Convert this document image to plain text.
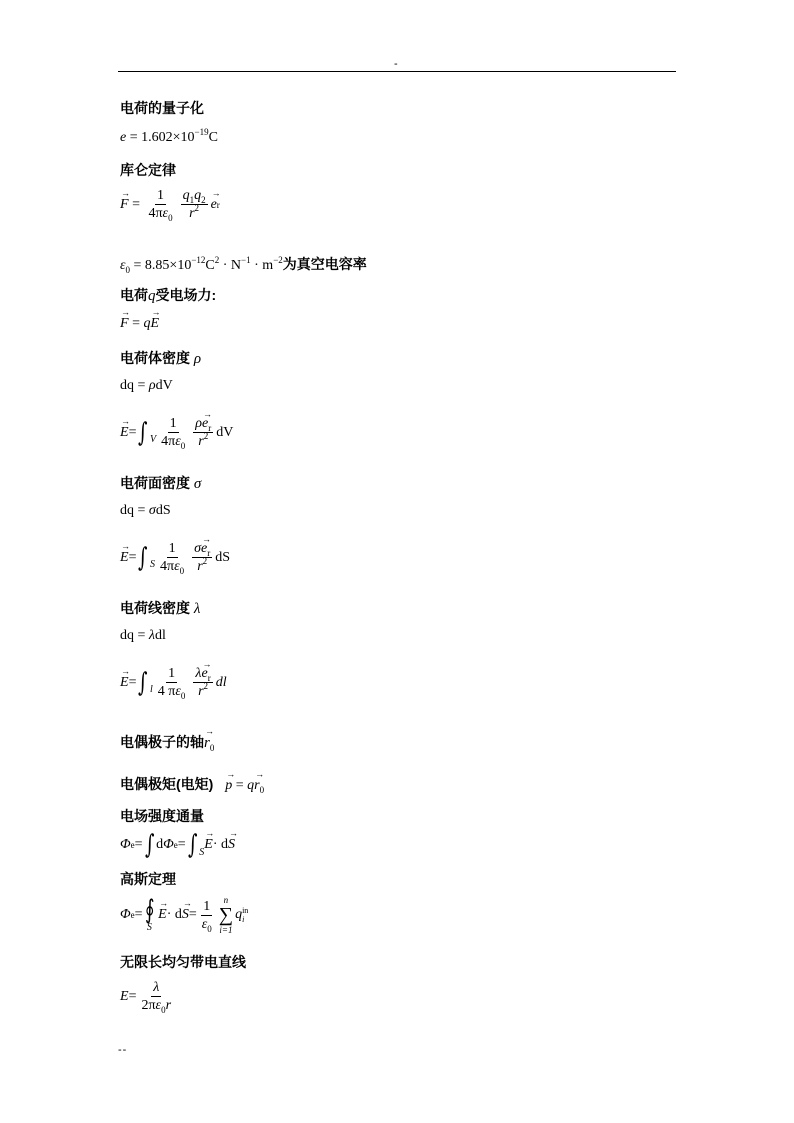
-
电荷的量子化
$e = 1.602\times 10^{-19}C$
库仑定律
→ $F = \frac{1}{4\pi\varepsilon_0} \frac{q_1q_2}{r^2}$
→ e r
$\varepsilon_0 = 8.85\times 10^{-12}C^2 \cdot N^{-1} \cdot m^{-2}$为真空电容率
电荷q受电场力:
→ F = q→ E
电荷体密度 ρ
dq = ρdV
→ E = ∫ V $\frac{1}{4\pi\varepsilon_0} \frac{\rho\to e_r}{r^2}$ dV
电荷面密度 σ
dq = σdS
→ E = ∫ S $\frac{1}{4\pi\varepsilon_0} \frac{\sigma\to e_r}{r^2}$ dS
电荷线密度 λ
dq = λdl
→ E = ∫ l $\frac{1}{4 \pi\varepsilon_0} \frac{\lambda\to e_r}{r^2}$ dl
电偶极子的轴→ $r_0$
电偶极矩(电矩) → $p = q\to r_0$
电场强度通量
Φ e = ∫ d Φ e = ∫ S
→ E · d
→ S
高斯定理
Φ e = ∮
S
→ E · d
→ $S = \frac{1}{\varepsilon_0}$ n
∑
i=1
q in
i
无限长均匀带电直线
$E = \frac{\lambda}{2\pi\varepsilon_0r}$
--
